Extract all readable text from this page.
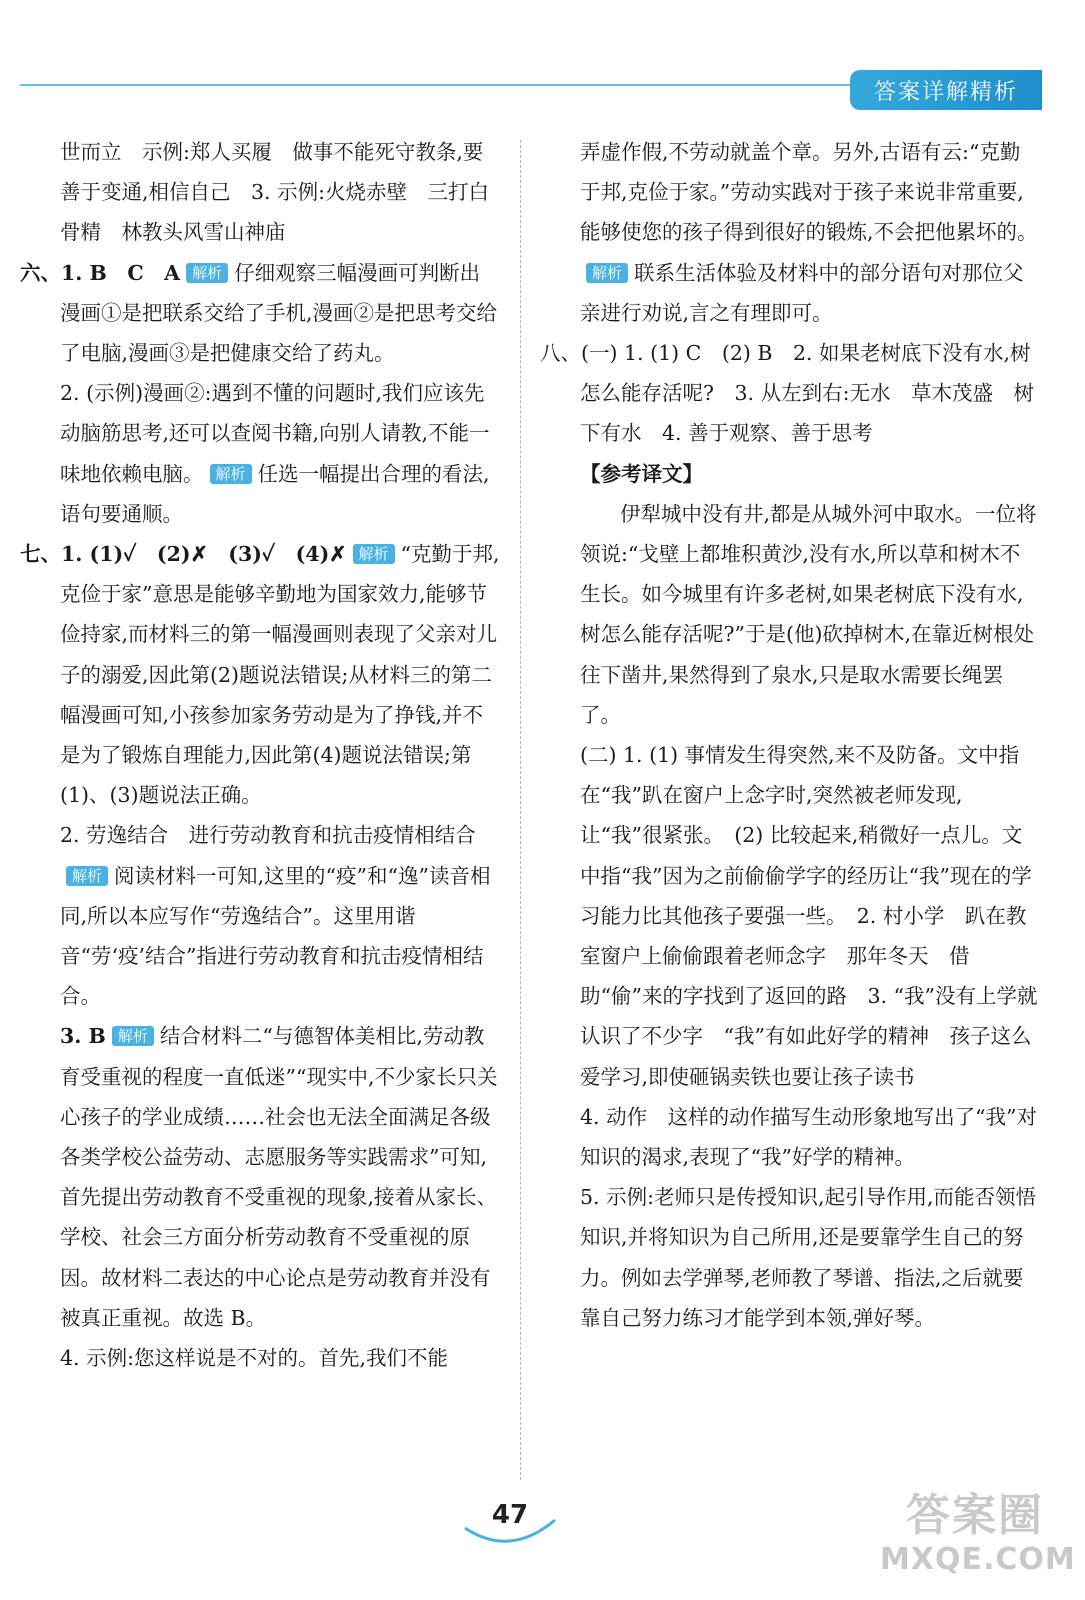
答案详解精析

世而立　示例:郑人买履　做事不能死守教条,要善于变通,相信自己　3. 示例:火烧赤壁　三打白骨精　林教头风雪山神庙

六、1. B　C　A 解析 仔细观察三幅漫画可判断出漫画①是把联系交给了手机,漫画②是把思考交给了电脑,漫画③是把健康交给了药丸。

2. (示例)漫画②:遇到不懂的问题时,我们应该先动脑筋思考,还可以查阅书籍,向别人请教,不能一味地依赖电脑。 解析 任选一幅提出合理的看法,语句要通顺。

七、1. (1)✓　(2)✗　(3)✓　(4)✗ 解析 “克勤于邦,克俭于家”意思是能够辛勤地为国家效力,能够节俭持家,而材料三的第一幅漫画则表现了父亲对儿子的溺爱,因此第(2)题说法错误;从材料三的第二幅漫画可知,小孩参加家务劳动是为了挣钱,并不是为了锻炼自理能力,因此第(4)题说法错误;第(1)、(3)题说法正确。

2. 劳逸结合　进行劳动教育和抗击疫情相结合解析 阅读材料一可知,这里的“疫”和“逸”读音相同,所以本应写作“劳逸结合”。这里用谐音“劳‘疫’结合”指进行劳动教育和抗击疫情相结合。

3. B 解析 结合材料二“与德智体美相比,劳动教育受重视的程度一直低迷”“现实中,不少家长只关心孩子的学业成绩……社会也无法全面满足各级各类学校公益劳动、志愿服务等实践需求”可知,首先提出劳动教育不受重视的现象,接着从家长、学校、社会三方面分析劳动教育不受重视的原因。故材料二表达的中心论点是劳动教育并没有被真正重视。故选 B。

4. 示例:您这样说是不对的。首先,我们不能

弄虚作假,不劳动就盖个章。另外,古语有云:“克勤于邦,克俭于家。”劳动实践对于孩子来说非常重要,能够使您的孩子得到很好的锻炼,不会把他累坏的。解析 联系生活体验及材料中的部分语句对那位父亲进行劝说,言之有理即可。

八、(一) 1. (1) C　(2) B　2. 如果老树底下没有水,树怎么能存活呢?　3. 从左到右:无水　草木茂盛　树下有水　4. 善于观察、善于思考

【参考译文】

伊犁城中没有井,都是从城外河中取水。一位将领说:“戈壁上都堆积黄沙,没有水,所以草和树木不生长。如今城里有许多老树,如果老树底下没有水,树怎么能存活呢?”于是(他)砍掉树木,在靠近树根处往下凿井,果然得到了泉水,只是取水需要长绳罢了。

(二) 1. (1) 事情发生得突然,来不及防备。文中指在“我”趴在窗户上念字时,突然被老师发现,让“我”很紧张。　(2) 比较起来,稍微好一点儿。文中指“我”因为之前偷偷学字的经历让“我”现在的学习能力比其他孩子要强一些。　2. 村小学　趴在教室窗户上偷偷跟着老师念字　那年冬天　借助“偷”来的字找到了返回的路　3. “我”没有上学就认识了不少字　“我”有如此好学的精神　孩子这么爱学习,即使砸锅卖铁也要让孩子读书

4. 动作　这样的动作描写生动形象地写出了“我”对知识的渴求,表现了“我”好学的精神。

5. 示例:老师只是传授知识,起引导作用,而能否领悟知识,并将知识为自己所用,还是要靠学生自己的努力。例如去学弹琴,老师教了琴谱、指法,之后就要靠自己努力练习才能学到本领,弹好琴。

47	答案圈
MXQE.COM
